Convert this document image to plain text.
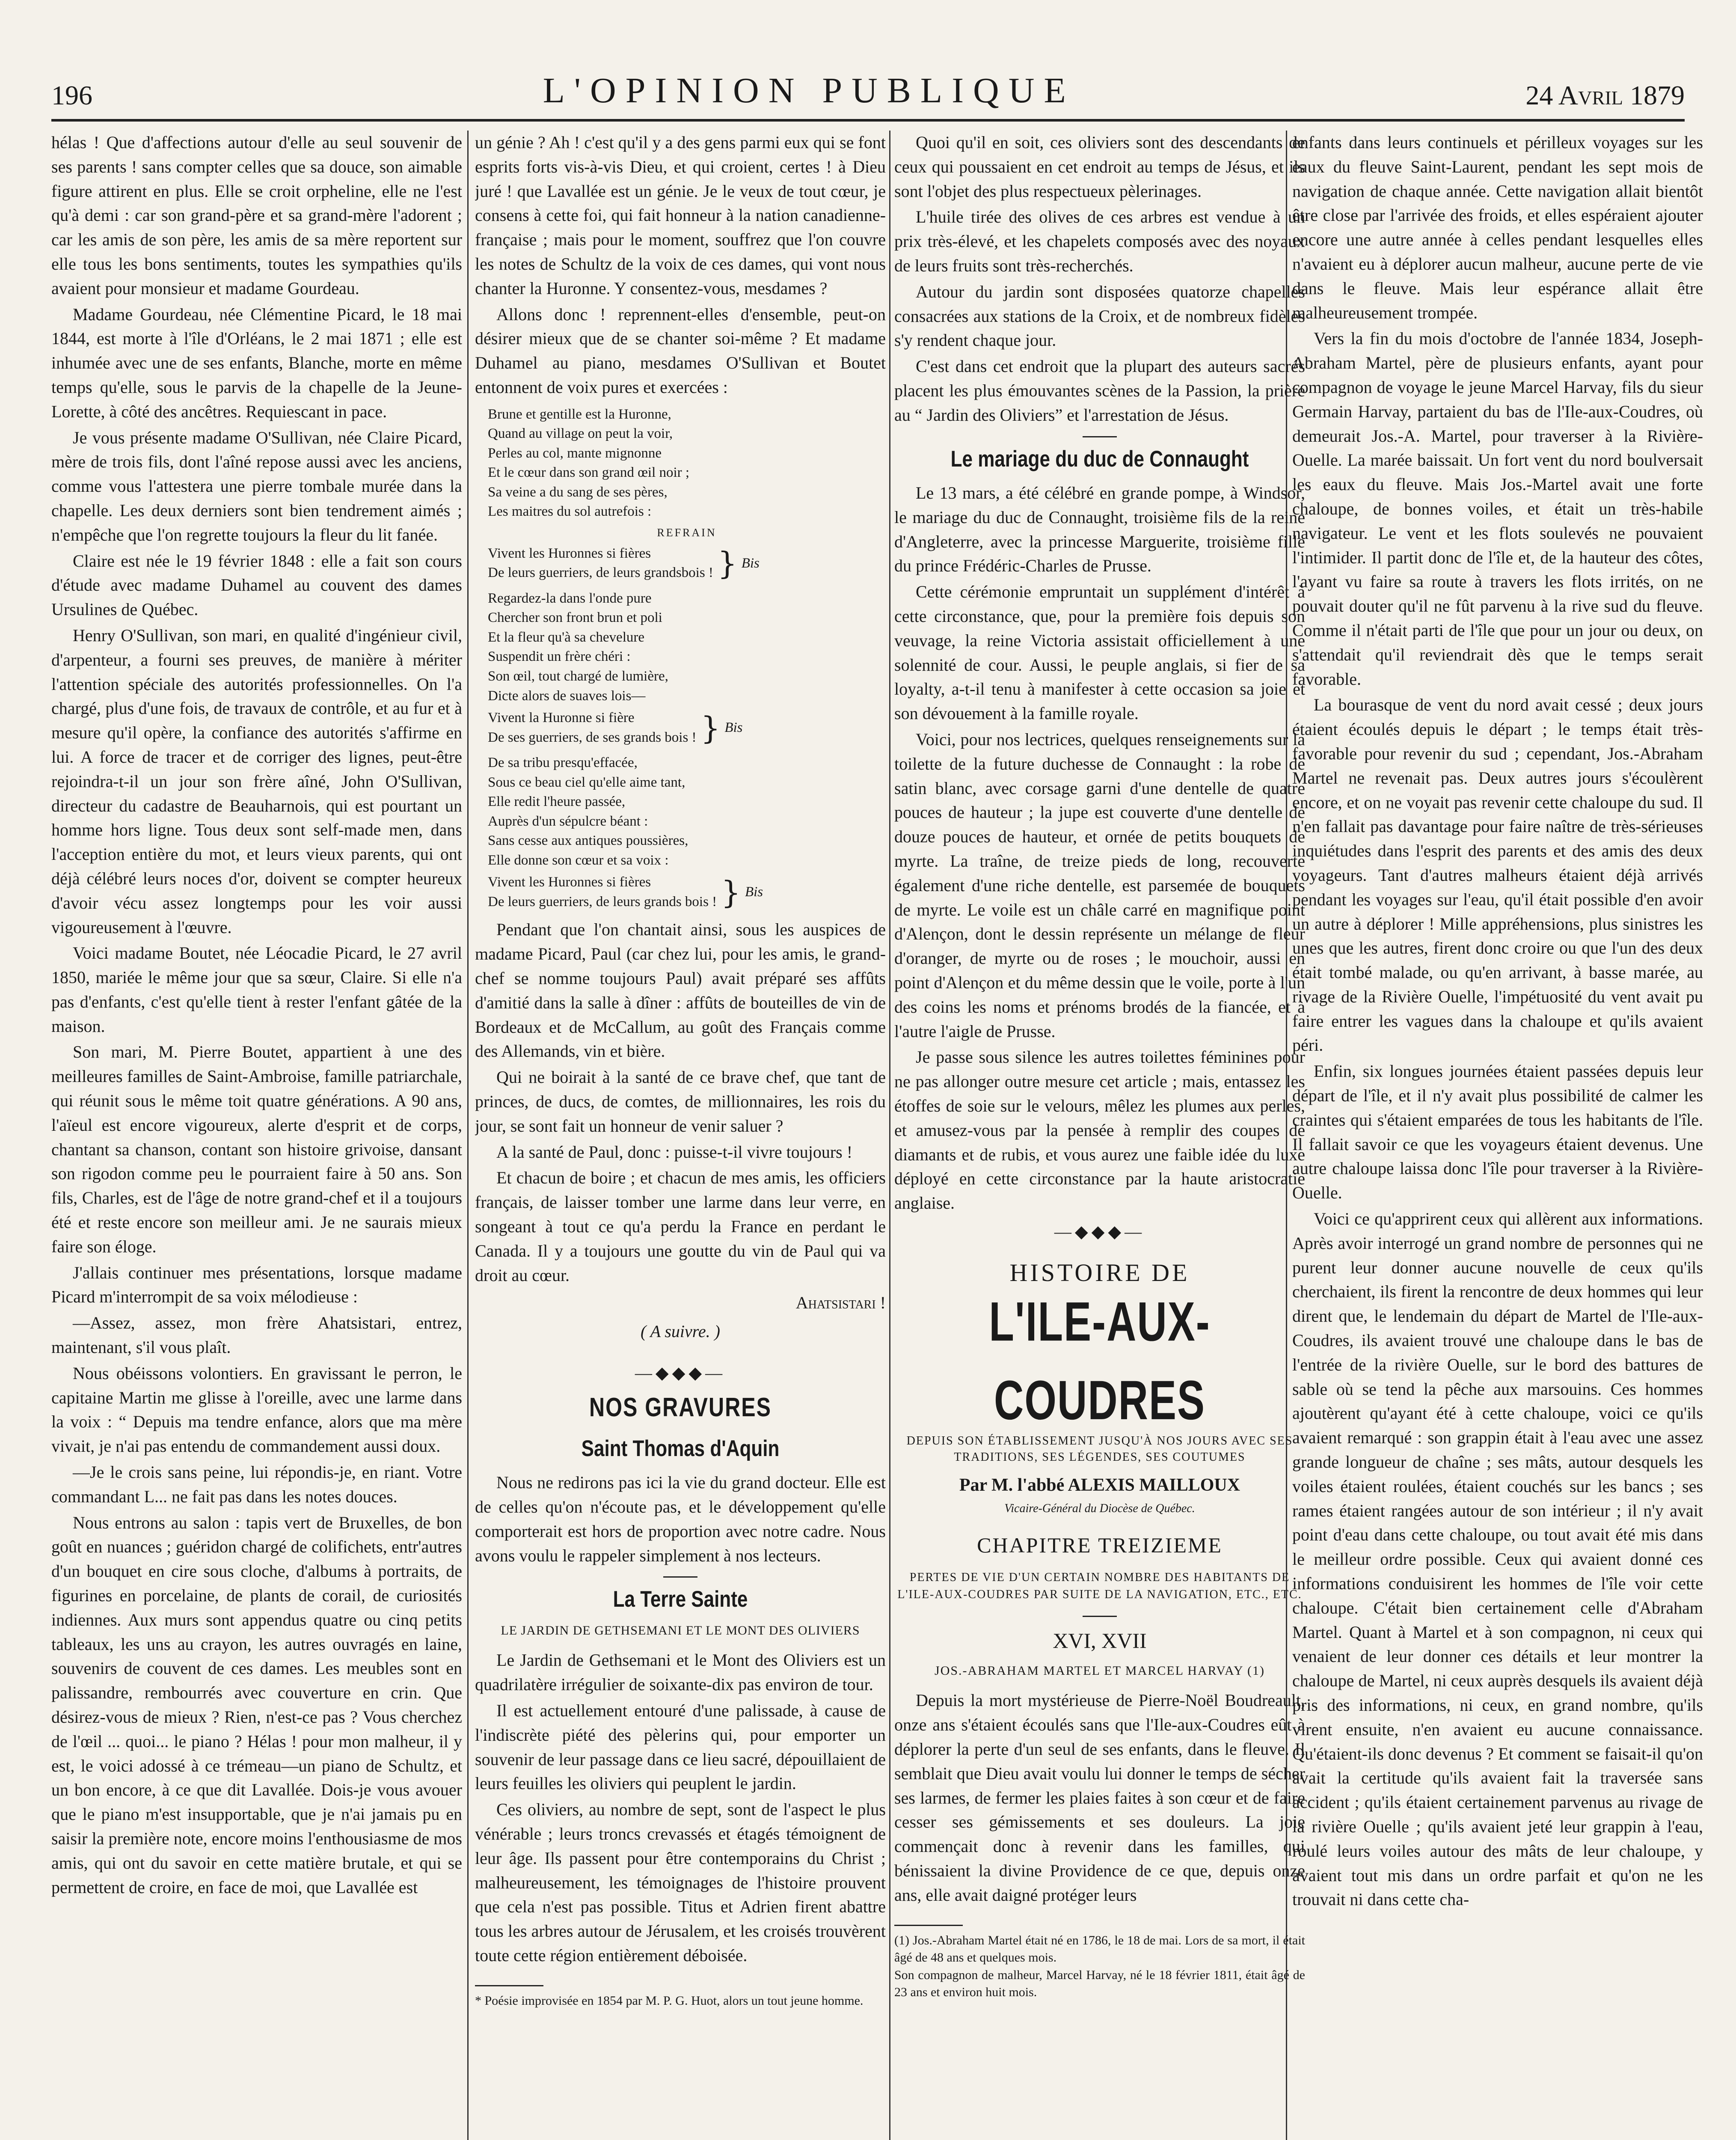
196	L'OPINION PUBLIQUE	24 Avril 1879

hélas ! Que d'affections autour d'elle au seul souvenir de ses parents ! sans compter celles que sa douce, son aimable figure attirent en plus. Elle se croit orpheline, elle ne l'est qu'à demi : car son grand-père et sa grand-mère l'adorent ; car les amis de son père, les amis de sa mère reportent sur elle tous les bons sentiments, toutes les sympathies qu'ils avaient pour monsieur et madame Gourdeau.

Madame Gourdeau, née Clémentine Picard, le 18 mai 1844, est morte à l'île d'Orléans, le 2 mai 1871 ; elle est inhumée avec une de ses enfants, Blanche, morte en même temps qu'elle, sous le parvis de la chapelle de la Jeune-Lorette, à côté des ancêtres. Requiescant in pace.

Je vous présente madame O'Sullivan, née Claire Picard, mère de trois fils, dont l'aîné repose aussi avec les anciens, comme vous l'attestera une pierre tombale murée dans la chapelle. Les deux derniers sont bien tendrement aimés ; n'empêche que l'on regrette toujours la fleur du lit fanée.

Claire est née le 19 février 1848 : elle a fait son cours d'étude avec madame Duhamel au couvent des dames Ursulines de Québec.

Henry O'Sullivan, son mari, en qualité d'ingénieur civil, d'arpenteur, a fourni ses preuves, de manière à mériter l'attention spéciale des autorités professionnelles. On l'a chargé, plus d'une fois, de travaux de contrôle, et au fur et à mesure qu'il opère, la confiance des autorités s'affirme en lui. A force de tracer et de corriger des lignes, peut-être rejoindra-t-il un jour son frère aîné, John O'Sullivan, directeur du cadastre de Beauharnois, qui est pourtant un homme hors ligne. Tous deux sont self-made men, dans l'acception entière du mot, et leurs vieux parents, qui ont déjà célébré leurs noces d'or, doivent se compter heureux d'avoir vécu assez longtemps pour les voir aussi vigoureusement à l'œuvre.

Voici madame Boutet, née Léocadie Picard, le 27 avril 1850, mariée le même jour que sa sœur, Claire. Si elle n'a pas d'enfants, c'est qu'elle tient à rester l'enfant gâtée de la maison.

Son mari, M. Pierre Boutet, appartient à une des meilleures familles de Saint-Ambroise, famille patriarchale, qui réunit sous le même toit quatre générations. A 90 ans, l'aïeul est encore vigoureux, alerte d'esprit et de corps, chantant sa chanson, contant son histoire grivoise, dansant son rigodon comme peu le pourraient faire à 50 ans. Son fils, Charles, est de l'âge de notre grand-chef et il a toujours été et reste encore son meilleur ami. Je ne saurais mieux faire son éloge.

J'allais continuer mes présentations, lorsque madame Picard m'interrompit de sa voix mélodieuse :

—Assez, assez, mon frère Ahatsistari, entrez, maintenant, s'il vous plaît.

Nous obéissons volontiers. En gravissant le perron, le capitaine Martin me glisse à l'oreille, avec une larme dans la voix : “ Depuis ma tendre enfance, alors que ma mère vivait, je n'ai pas entendu de commandement aussi doux.

—Je le crois sans peine, lui répondis-je, en riant. Votre commandant L... ne fait pas dans les notes douces.

Nous entrons au salon : tapis vert de Bruxelles, de bon goût en nuances ; guéridon chargé de colifichets, entr'autres d'un bouquet en cire sous cloche, d'albums à portraits, de figurines en porcelaine, de plants de corail, de curiosités indiennes. Aux murs sont appendus quatre ou cinq petits tableaux, les uns au crayon, les autres ouvragés en laine, souvenirs de couvent de ces dames. Les meubles sont en palissandre, rembourrés avec couverture en crin. Que désirez-vous de mieux ? Rien, n'est-ce pas ? Vous cherchez de l'œil ... quoi... le piano ? Hélas ! pour mon malheur, il y est, le voici adossé à ce trémeau—un piano de Schultz, et un bon encore, à ce que dit Lavallée. Dois-je vous avouer que le piano m'est insupportable, que je n'ai jamais pu en saisir la première note, encore moins l'enthousiasme de mos amis, qui ont du savoir en cette matière brutale, et qui se permettent de croire, en face de moi, que Lavallée est

un génie ? Ah ! c'est qu'il y a des gens parmi eux qui se font esprits forts vis-à-vis Dieu, et qui croient, certes ! à Dieu juré ! que Lavallée est un génie. Je le veux de tout cœur, je consens à cette foi, qui fait honneur à la nation canadienne-française ; mais pour le moment, souffrez que l'on couvre les notes de Schultz de la voix de ces dames, qui vont nous chanter la Huronne. Y consentez-vous, mesdames ?

Allons donc ! reprennent-elles d'ensemble, peut-on désirer mieux que de se chanter soi-même ? Et madame Duhamel au piano, mesdames O'Sullivan et Boutet entonnent de voix pures et exercées :

Brune et gentille est la Huronne,
Quand au village on peut la voir,
Perles au col, mante mignonne
Et le cœur dans son grand œil noir ;
Sa veine a du sang de ses pères,
Les maitres du sol autrefois :
REFRAIN
Vivent les Huronnes si fières
De leurs guerriers, de leurs grandsbois ! } Bis
Regardez-la dans l'onde pure
Chercher son front brun et poli
Et la fleur qu'à sa chevelure
Suspendit un frère chéri :
Son œil, tout chargé de lumière,
Dicte alors de suaves lois—
Vivent la Huronne si fière
De ses guerriers, de ses grands bois ! } Bis
De sa tribu presqu'effacée,
Sous ce beau ciel qu'elle aime tant,
Elle redit l'heure passée,
Auprès d'un sépulcre béant :
Sans cesse aux antiques poussières,
Elle donne son cœur et sa voix :
Vivent les Huronnes si fières
De leurs guerriers, de leurs grands bois ! } Bis

Pendant que l'on chantait ainsi, sous les auspices de madame Picard, Paul (car chez lui, pour les amis, le grand-chef se nomme toujours Paul) avait préparé ses affûts d'amitié dans la salle à dîner : affûts de bouteilles de vin de Bordeaux et de McCallum, au goût des Français comme des Allemands, vin et bière.

Qui ne boirait à la santé de ce brave chef, que tant de princes, de ducs, de comtes, de millionnaires, les rois du jour, se sont fait un honneur de venir saluer ?

A la santé de Paul, donc : puisse-t-il vivre toujours !

Et chacun de boire ; et chacun de mes amis, les officiers français, de laisser tomber une larme dans leur verre, en songeant à tout ce qu'a perdu la France en perdant le Canada. Il y a toujours une goutte du vin de Paul qui va droit au cœur.

Ahatsistari !
( A suivre. )
—◆◆◆—
NOS GRAVURES
Saint Thomas d'Aquin

Nous ne redirons pas ici la vie du grand docteur. Elle est de celles qu'on n'écoute pas, et le développement qu'elle comporterait est hors de proportion avec notre cadre. Nous avons voulu le rappeler simplement à nos lecteurs.

La Terre Sainte
LE JARDIN DE GETHSEMANI ET LE MONT DES OLIVIERS

Le Jardin de Gethsemani et le Mont des Oliviers est un quadrilatère irrégulier de soixante-dix pas environ de tour.

Il est actuellement entouré d'une palissade, à cause de l'indiscrète piété des pèlerins qui, pour emporter un souvenir de leur passage dans ce lieu sacré, dépouillaient de leurs feuilles les oliviers qui peuplent le jardin.

Ces oliviers, au nombre de sept, sont de l'aspect le plus vénérable ; leurs troncs crevassés et étagés témoignent de leur âge. Ils passent pour être contemporains du Christ ; malheureusement, les témoignages de l'histoire prouvent que cela n'est pas possible. Titus et Adrien firent abattre tous les arbres autour de Jérusalem, et les croisés trouvèrent toute cette région entièrement déboisée.

* Poésie improvisée en 1854 par M. P. G. Huot, alors un tout jeune homme.

Quoi qu'il en soit, ces oliviers sont des descendants de ceux qui poussaient en cet endroit au temps de Jésus, et ils sont l'objet des plus respectueux pèlerinages.

L'huile tirée des olives de ces arbres est vendue à un prix très-élevé, et les chapelets composés avec des noyaux de leurs fruits sont très-recherchés.

Autour du jardin sont disposées quatorze chapelles consacrées aux stations de la Croix, et de nombreux fidèles s'y rendent chaque jour.

C'est dans cet endroit que la plupart des auteurs sacrés placent les plus émouvantes scènes de la Passion, la prière au “ Jardin des Oliviers” et l'arrestation de Jésus.

Le mariage du duc de Connaught

Le 13 mars, a été célébré en grande pompe, à Windsor, le mariage du duc de Connaught, troisième fils de la reine d'Angleterre, avec la princesse Marguerite, troisième fille du prince Frédéric-Charles de Prusse.

Cette cérémonie empruntait un supplément d'intérêt à cette circonstance, que, pour la première fois depuis son veuvage, la reine Victoria assistait officiellement à une solennité de cour. Aussi, le peuple anglais, si fier de sa loyalty, a-t-il tenu à manifester à cette occasion sa joie et son dévouement à la famille royale.

Voici, pour nos lectrices, quelques renseignements sur la toilette de la future duchesse de Connaught : la robe de satin blanc, avec corsage garni d'une dentelle de quatre pouces de hauteur ; la jupe est couverte d'une dentelle de douze pouces de hauteur, et ornée de petits bouquets de myrte. La traîne, de treize pieds de long, recouverte également d'une riche dentelle, est parsemée de bouquets de myrte. Le voile est un châle carré en magnifique point d'Alençon, dont le dessin représente un mélange de fleur d'oranger, de myrte ou de roses ; le mouchoir, aussi en point d'Alençon et du même dessin que le voile, porte à l'un des coins les noms et prénoms brodés de la fiancée, et à l'autre l'aigle de Prusse.

Je passe sous silence les autres toilettes féminines pour ne pas allonger outre mesure cet article ; mais, entassez les étoffes de soie sur le velours, mêlez les plumes aux perles, et amusez-vous par la pensée à remplir des coupes de diamants et de rubis, et vous aurez une faible idée du luxe déployé en cette circonstance par la haute aristocratie anglaise.

—◆◆◆—
HISTOIRE DE
L'ILE-AUX-COUDRES
DEPUIS SON ÉTABLISSEMENT JUSQU'À NOS JOURS AVEC SES TRADITIONS, SES LÉGENDES, SES COUTUMES
Par M. l'abbé ALEXIS MAILLOUX
Vicaire-Général du Diocèse de Québec.
CHAPITRE TREIZIEME
PERTES DE VIE D'UN CERTAIN NOMBRE DES HABITANTS DE L'ILE-AUX-COUDRES PAR SUITE DE LA NAVIGATION, ETC., ETC.
XVI, XVII
JOS.-ABRAHAM MARTEL ET MARCEL HARVAY (1)

Depuis la mort mystérieuse de Pierre-Noël Boudreault, onze ans s'étaient écoulés sans que l'Ile-aux-Coudres eût à déplorer la perte d'un seul de ses enfants, dans le fleuve. Il semblait que Dieu avait voulu lui donner le temps de sécher ses larmes, de fermer les plaies faites à son cœur et de faire cesser ses gémissements et ses douleurs. La joie commençait donc à revenir dans les familles, qui bénissaient la divine Providence de ce que, depuis onze ans, elle avait daigné protéger leurs

(1) Jos.-Abraham Martel était né en 1786, le 18 de mai. Lors de sa mort, il était âgé de 48 ans et quelques mois.
Son compagnon de malheur, Marcel Harvay, né le 18 février 1811, était âgé de 23 ans et environ huit mois.

enfants dans leurs continuels et périlleux voyages sur les eaux du fleuve Saint-Laurent, pendant les sept mois de navigation de chaque année. Cette navigation allait bientôt être close par l'arrivée des froids, et elles espéraient ajouter encore une autre année à celles pendant lesquelles elles n'avaient eu à déplorer aucun malheur, aucune perte de vie dans le fleuve. Mais leur espérance allait être malheureusement trompée.

Vers la fin du mois d'octobre de l'année 1834, Joseph-Abraham Martel, père de plusieurs enfants, ayant pour compagnon de voyage le jeune Marcel Harvay, fils du sieur Germain Harvay, partaient du bas de l'Ile-aux-Coudres, où demeurait Jos.-A. Martel, pour traverser à la Rivière-Ouelle. La marée baissait. Un fort vent du nord boulversait les eaux du fleuve. Mais Jos.-Martel avait une forte chaloupe, de bonnes voiles, et était un très-habile navigateur. Le vent et les flots soulevés ne pouvaient l'intimider. Il partit donc de l'île et, de la hauteur des côtes, l'ayant vu faire sa route à travers les flots irrités, on ne pouvait douter qu'il ne fût parvenu à la rive sud du fleuve. Comme il n'était parti de l'île que pour un jour ou deux, on s'attendait qu'il reviendrait dès que le temps serait favorable.

La bourasque de vent du nord avait cessé ; deux jours étaient écoulés depuis le départ ; le temps était très-favorable pour revenir du sud ; cependant, Jos.-Abraham Martel ne revenait pas. Deux autres jours s'écoulèrent encore, et on ne voyait pas revenir cette chaloupe du sud. Il n'en fallait pas davantage pour faire naître de très-sérieuses inquiétudes dans l'esprit des parents et des amis des deux voyageurs. Tant d'autres malheurs étaient déjà arrivés pendant les voyages sur l'eau, qu'il était possible d'en avoir un autre à déplorer ! Mille appréhensions, plus sinistres les unes que les autres, firent donc croire ou que l'un des deux était tombé malade, ou qu'en arrivant, à basse marée, au rivage de la Rivière Ouelle, l'impétuosité du vent avait pu faire entrer les vagues dans la chaloupe et qu'ils avaient péri.

Enfin, six longues journées étaient passées depuis leur départ de l'île, et il n'y avait plus possibilité de calmer les craintes qui s'étaient emparées de tous les habitants de l'île. Il fallait savoir ce que les voyageurs étaient devenus. Une autre chaloupe laissa donc l'île pour traverser à la Rivière-Ouelle.

Voici ce qu'apprirent ceux qui allèrent aux informations. Après avoir interrogé un grand nombre de personnes qui ne purent leur donner aucune nouvelle de ceux qu'ils cherchaient, ils firent la rencontre de deux hommes qui leur dirent que, le lendemain du départ de Martel de l'Ile-aux-Coudres, ils avaient trouvé une chaloupe dans le bas de l'entrée de la rivière Ouelle, sur le bord des battures de sable où se tend la pêche aux marsouins. Ces hommes ajoutèrent qu'ayant été à cette chaloupe, voici ce qu'ils avaient remarqué : son grappin était à l'eau avec une assez grande longueur de chaîne ; ses mâts, autour desquels les voiles étaient roulées, étaient couchés sur les bancs ; ses rames étaient rangées autour de son intérieur ; il n'y avait point d'eau dans cette chaloupe, ou tout avait été mis dans le meilleur ordre possible. Ceux qui avaient donné ces informations conduisirent les hommes de l'île voir cette chaloupe. C'était bien certainement celle d'Abraham Martel. Quant à Martel et à son compagnon, ni ceux qui venaient de leur donner ces détails et leur montrer la chaloupe de Martel, ni ceux auprès desquels ils avaient déjà pris des informations, ni ceux, en grand nombre, qu'ils virent ensuite, n'en avaient eu aucune connaissance. Qu'étaient-ils donc devenus ? Et comment se faisait-il qu'on avait la certitude qu'ils avaient fait la traversée sans accident ; qu'ils étaient certainement parvenus au rivage de la rivière Ouelle ; qu'ils avaient jeté leur grappin à l'eau, roulé leurs voiles autour des mâts de leur chaloupe, y avaient tout mis dans un ordre parfait et qu'on ne les trouvait ni dans cette cha-
